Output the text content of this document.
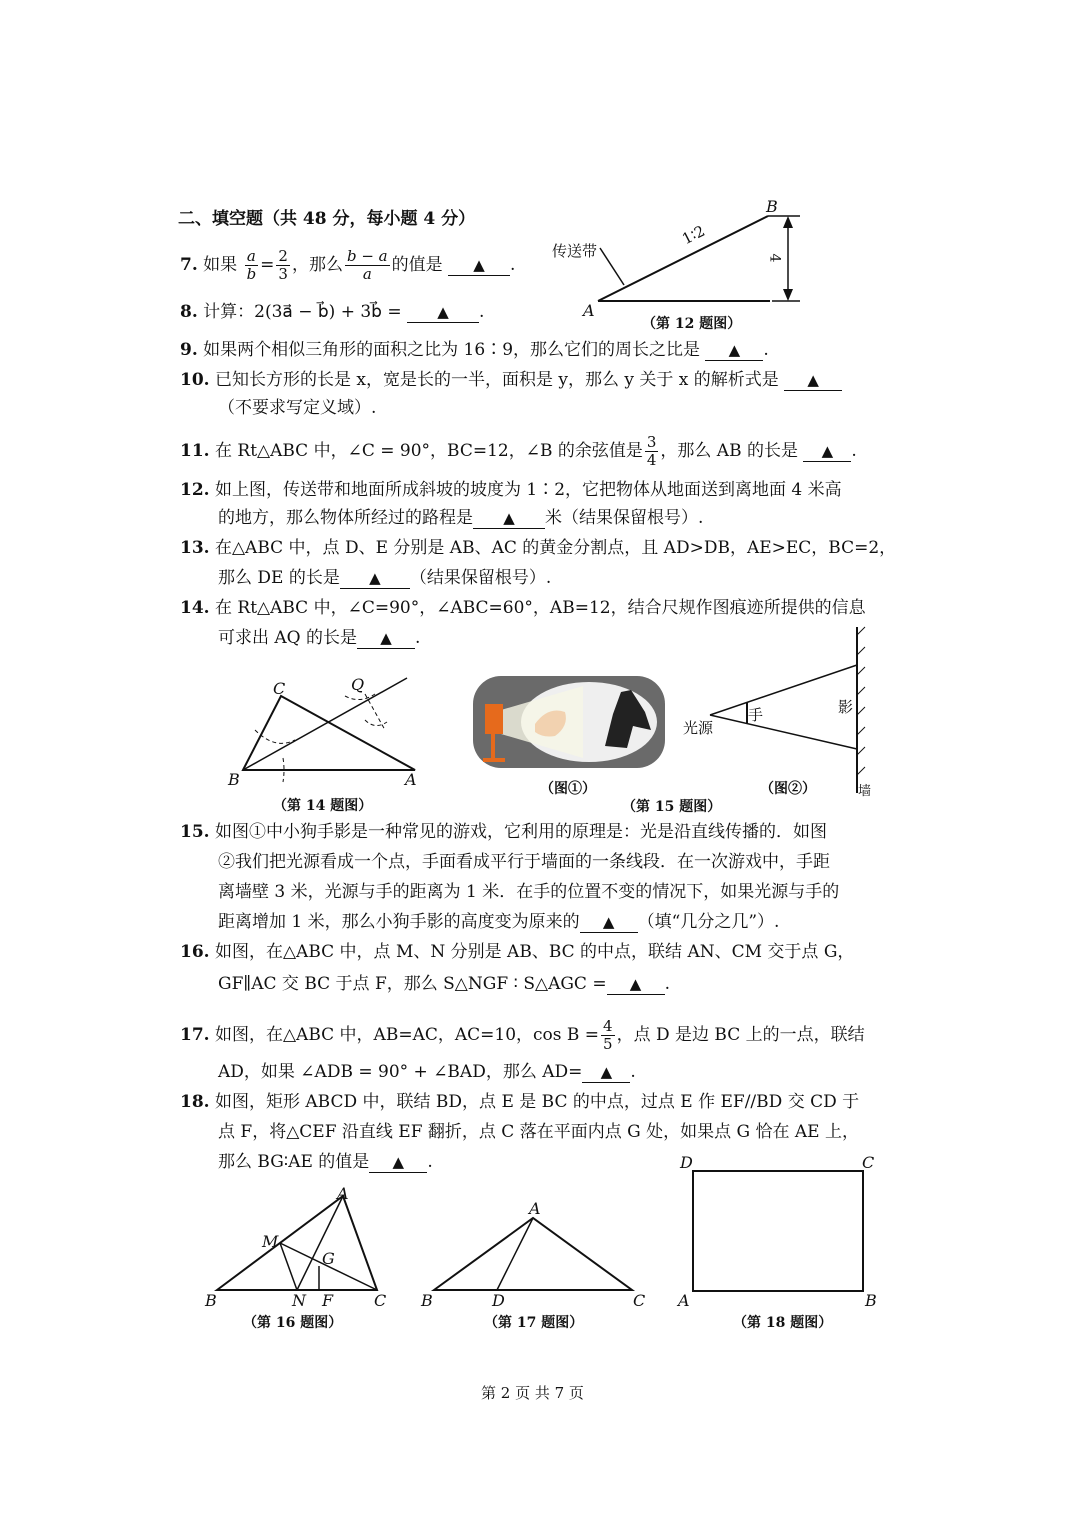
二、填空题（共 48 分，每小题 4 分）
7. 如果 $\frac{a}{b} = \frac{2}{3}$ ，那么 $\frac{b - a}{a}$ 的值是 ▲ .
8. 计算：2(3a⃗ − b⃗) + 3b⃗ = ▲ .
9. 如果两个相似三角形的面积之比为 16∶9，那么它们的周长之比是 ▲ .
10. 已知长方形的长是 x，宽是长的一半，面积是 y，那么 y 关于 x 的解析式是 ▲
（不要求写定义域）.
11. 在 Rt△ABC 中，∠C = 90°，BC=12，∠B 的余弦值是 $\frac{3}{4}$ ，那么 AB 的长是 ▲ .
12. 如上图，传送带和地面所成斜坡的坡度为 1∶2，它把物体从地面送到离地面 4 米高
的地方，那么物体所经过的路程是 ▲ 米（结果保留根号）.
13. 在△ABC 中，点 D、E 分别是 AB、AC 的黄金分割点，且 AD>DB，AE>EC，BC=2，
那么 DE 的长是 ▲ （结果保留根号）.
14. 在 Rt△ABC 中，∠C=90°，∠ABC=60°，AB=12，结合尺规作图痕迹所提供的信息
可求出 AQ 的长是 ▲ .
传送带
1∶2
4
A
B
（第 12 题图）
C	Q
B	A
（第 14 题图）
（图①）
光源
手	影
墙
（图②）
（第 15 题图）
15. 如图①中小狗手影是一种常见的游戏，它利用的原理是：光是沿直线传播的．如图
②我们把光源看成一个点，手面看成平行于墙面的一条线段．在一次游戏中，手距
离墙壁 3 米，光源与手的距离为 1 米．在手的位置不变的情况下，如果光源与手的
距离增加 1 米，那么小狗手影的高度变为原来的 ▲ （填“几分之几”）.
16. 如图，在△ABC 中，点 M、N 分别是 AB、BC 的中点，联结 AN、CM 交于点 G，
GF∥AC 交 BC 于点 F，那么 S△NGF ∶ S△AGC = ▲ .
17. 如图，在△ABC 中，AB=AC，AC=10，$\cos B = \frac{4}{5}$ ，点 D 是边 BC 上的一点，联结
AD，如果 ∠ADB = 90° + ∠BAD，那么 AD= ▲ .
18. 如图，矩形 ABCD 中，联结 BD，点 E 是 BC 的中点，过点 E 作 EF//BD 交 CD 于
点 F，将△CEF 沿直线 EF 翻折，点 C 落在平面内点 G 处，如果点 G 恰在 AE 上，
那么 BG∶AE 的值是 ▲ .
A
M
G
B	N F	C
（第 16 题图）
A
B	D	C
（第 17 题图）
D	C
A	B
（第 18 题图）
第 2 页 共 7 页
